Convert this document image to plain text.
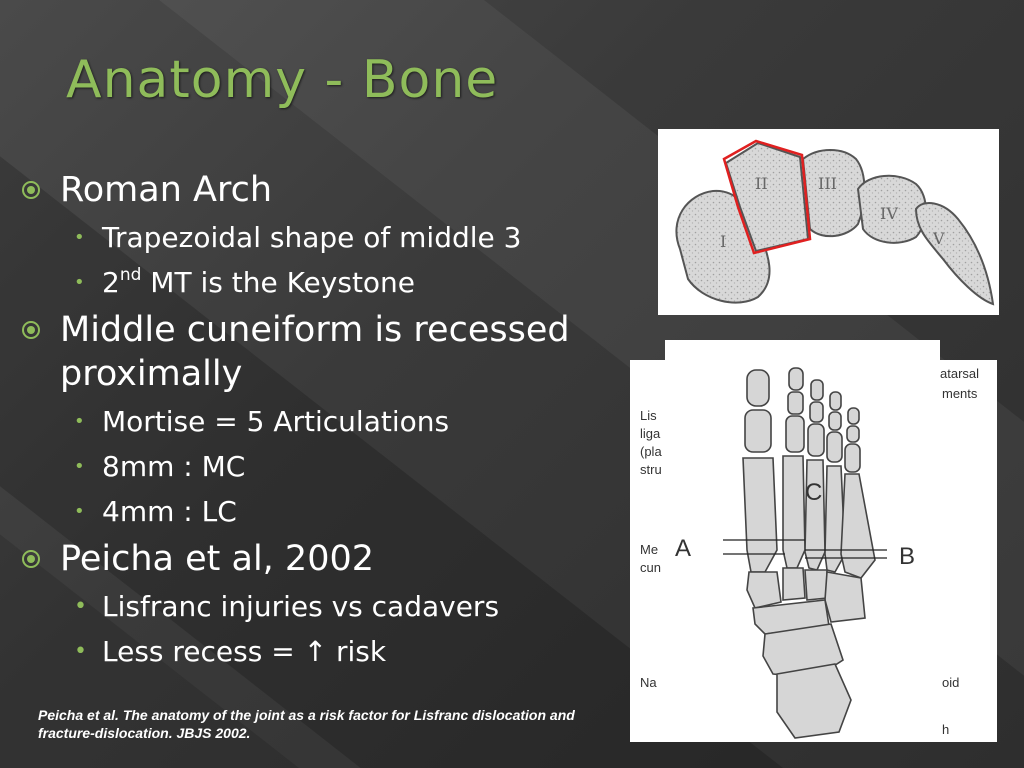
Anatomy - Bone
Roman Arch
• Trapezoidal shape of middle 3
• 2nd MT is the Keystone
Middle cuneiform is recessed proximally
• Mortise = 5 Articulations
• 8mm : MC
• 4mm : LC
Peicha et al, 2002
• Lisfranc injuries vs cadavers
• Less recess = ↑ risk
Peicha et al. The anatomy of the joint as a risk factor for Lisfranc dislocation and fracture-dislocation. JBJS 2002.
I
II	III
IV
V
Lis
liga
(pla
stru
Me
cun
Na
atarsal
ments
oid
h
A	B
C
